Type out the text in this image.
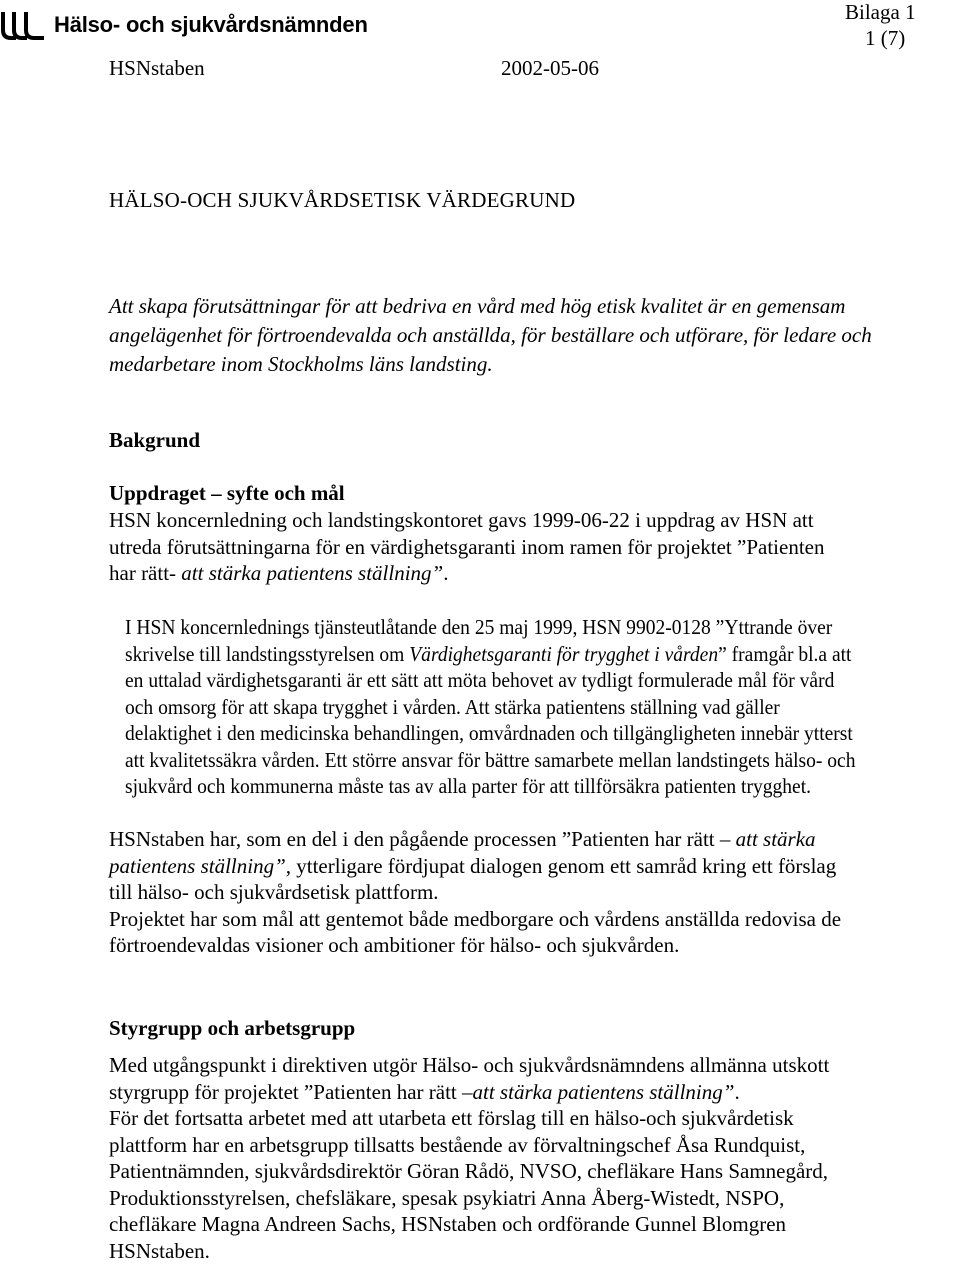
Hälso- och sjukvårdsnämnden	Bilaga 1
1 (7)
HSNstaben	2002-05-06
HÄLSO-OCH SJUKVÅRDSETISK VÄRDEGRUND
Att skapa förutsättningar för att bedriva en vård med hög etisk kvalitet är en gemensam
angelägenhet för förtroendevalda och anställda, för beställare och utförare, för ledare och
medarbetare inom Stockholms läns landsting.
Bakgrund
Uppdraget – syfte och mål
HSN koncernledning och landstingskontoret gavs 1999-06-22 i uppdrag av HSN att
utreda förutsättningarna för en värdighetsgaranti inom ramen för projektet ”Patienten
har rätt- att stärka patientens ställning”.
I HSN koncernlednings tjänsteutlåtande den 25 maj 1999, HSN 9902-0128 ”Yttrande över
skrivelse till landstingsstyrelsen om Värdighetsgaranti för trygghet i vården” framgår bl.a att
en uttalad värdighetsgaranti är ett sätt att möta behovet av tydligt formulerade mål för vård
och omsorg för att skapa trygghet i vården. Att stärka patientens ställning vad gäller
delaktighet i den medicinska behandlingen, omvårdnaden och tillgängligheten innebär ytterst
att kvalitetssäkra vården. Ett större ansvar för bättre samarbete mellan landstingets hälso- och
sjukvård och kommunerna måste tas av alla parter för att tillförsäkra patienten trygghet.
HSNstaben har, som en del i den pågående processen ”Patienten har rätt – att stärka
patientens ställning”, ytterligare fördjupat dialogen genom ett samråd kring ett förslag
till hälso- och sjukvårdsetisk plattform.
Projektet har som mål att gentemot både medborgare och vårdens anställda redovisa de
förtroendevaldas visioner och ambitioner för hälso- och sjukvården.
Styrgrupp och arbetsgrupp
Med utgångspunkt i direktiven utgör Hälso- och sjukvårdsnämndens allmänna utskott
styrgrupp för projektet ”Patienten har rätt –att stärka patientens ställning”.
För det fortsatta arbetet med att utarbeta ett förslag till en hälso-och sjukvårdetisk
plattform har en arbetsgrupp tillsatts bestående av förvaltningschef Åsa Rundquist,
Patientnämnden, sjukvårdsdirektör Göran Rådö, NVSO, chefläkare Hans Samnegård,
Produktionsstyrelsen, chefsläkare, spesak psykiatri Anna Åberg-Wistedt, NSPO,
chefläkare Magna Andreen Sachs, HSNstaben och ordförande Gunnel Blomgren
HSNstaben.
